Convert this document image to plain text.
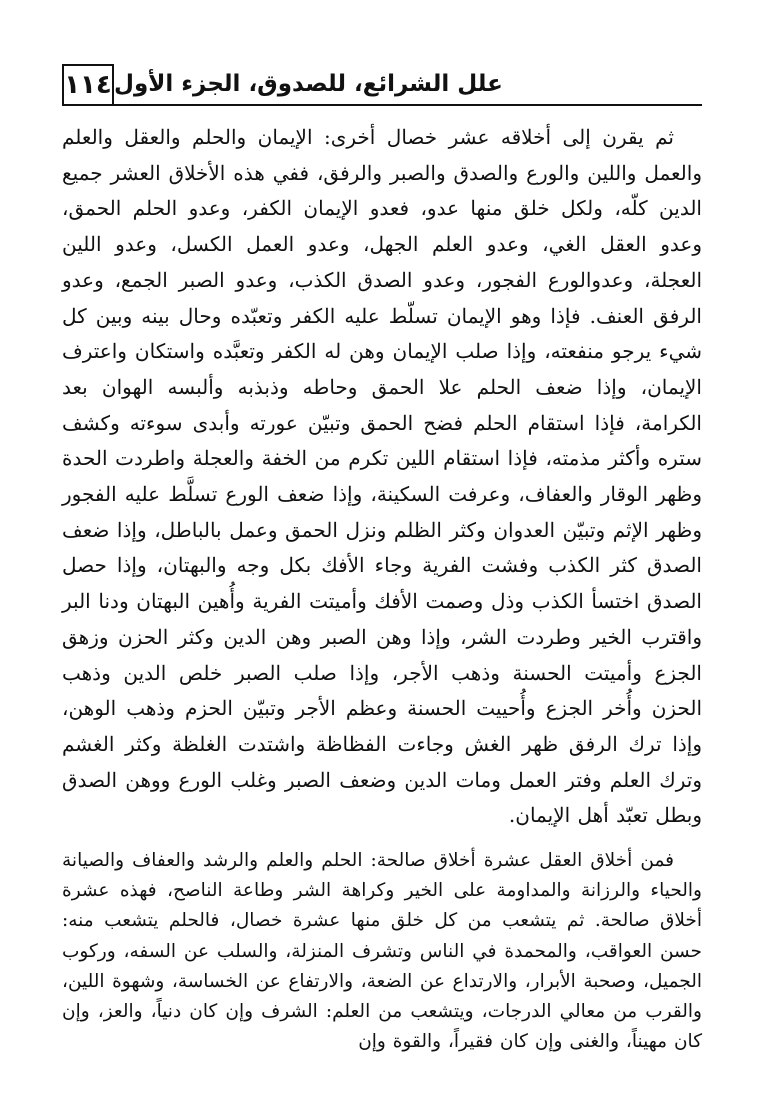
١١٤ علل الشرائع، للصدوق، الجزء الأول

ثم يقرن إلى أخلاقه عشر خصال أخرى: الإيمان والحلم والعقل والعلم والعمل واللين والورع والصدق والصبر والرفق، ففي هذه الأخلاق العشر جميع الدين كلّه، ولكل خلق منها عدو، فعدو الإيمان الكفر، وعدو الحلم الحمق، وعدو العقل الغي، وعدو العلم الجهل، وعدو العمل الكسل، وعدو اللين العجلة، وعدوالورع الفجور، وعدو الصدق الكذب، وعدو الصبر الجمع، وعدو الرفق العنف. فإذا وهو الإيمان تسلّط عليه الكفر وتعبّده وحال بينه وبين كل شيء يرجو منفعته، وإذا صلب الإيمان وهن له الكفر وتعبَّده واستكان واعترف الإيمان، وإذا ضعف الحلم علا الحمق وحاطه وذبذبه وألبسه الهوان بعد الكرامة، فإذا استقام الحلم فضح الحمق وتبيّن عورته وأبدى سوءته وكشف ستره وأكثر مذمته، فإذا استقام اللين تكرم من الخفة والعجلة واطردت الحدة وظهر الوقار والعفاف، وعرفت السكينة، وإذا ضعف الورع تسلَّط عليه الفجور وظهر الإثم وتبيّن العدوان وكثر الظلم ونزل الحمق وعمل بالباطل، وإذا ضعف الصدق كثر الكذب وفشت الفرية وجاء الأفك بكل وجه والبهتان، وإذا حصل الصدق اختسأ الكذب وذل وصمت الأفك وأميتت الفرية وأُهين البهتان ودنا البر واقترب الخير وطردت الشر، وإذا وهن الصبر وهن الدين وكثر الحزن وزهق الجزع وأميتت الحسنة وذهب الأجر، وإذا صلب الصبر خلص الدين وذهب الحزن وأُخر الجزع وأُحييت الحسنة وعظم الأجر وتبيّن الحزم وذهب الوهن، وإذا ترك الرفق ظهر الغش وجاءت الفظاظة واشتدت الغلظة وكثر الغشم وترك العلم وفتر العمل ومات الدين وضعف الصبر وغلب الورع ووهن الصدق وبطل تعبّد أهل الإيمان.

فمن أخلاق العقل عشرة أخلاق صالحة: الحلم والعلم والرشد والعفاف والصيانة والحياء والرزانة والمداومة على الخير وكراهة الشر وطاعة الناصح، فهذه عشرة أخلاق صالحة. ثم يتشعب من كل خلق منها عشرة خصال، فالحلم يتشعب منه: حسن العواقب، والمحمدة في الناس وتشرف المنزلة، والسلب عن السفه، وركوب الجميل، وصحبة الأبرار، والارتداع عن الضعة، والارتفاع عن الخساسة، وشهوة اللين، والقرب من معالي الدرجات، ويتشعب من العلم: الشرف وإن كان دنياً، والعز، وإن كان مهيناً، والغنى وإن كان فقيراً، والقوة وإن
